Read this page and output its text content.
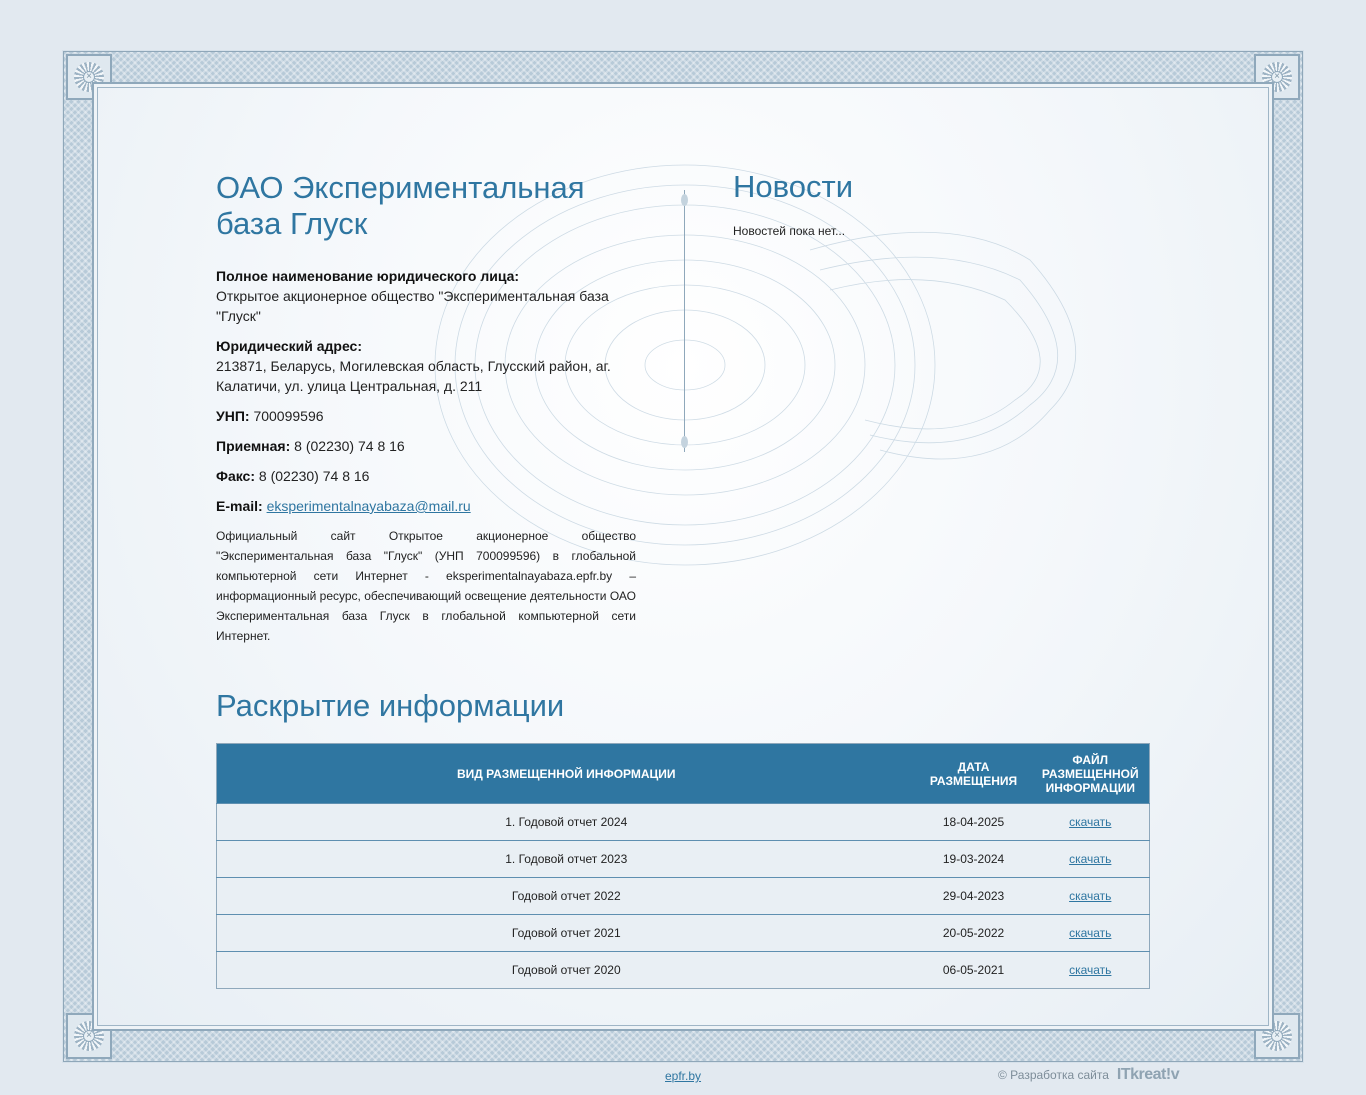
×	×
×	×
ОАО Экспериментальная база Глуск
Полное наименование юридического лица:
Открытое акционерное общество "Экспериментальная база "Глуск"
Юридический адрес:
213871, Беларусь, Могилевская область, Глусский район, аг. Калатичи, ул. улица Центральная, д. 211
УНП: 700099596
Приемная: 8 (02230) 74 8 16
Факс: 8 (02230) 74 8 16
E-mail: eksperimentalnayabaza@mail.ru

Официальный сайт Открытое акционерное общество "Экспериментальная база "Глуск" (УНП 700099596) в глобальной компьютерной сети Интернет - eksperimentalnayabaza.epfr.by – информационный ресурс, обеспечивающий освещение деятельности ОАО Экспериментальная база Глуск в глобальной компьютерной сети Интернет.

Новости

Новостей пока нет...

Раскрытие информации
ВИД РАЗМЕЩЕННОЙ ИНФОРМАЦИИ	ДАТА РАЗМЕЩЕНИЯ	ФАЙЛ РАЗМЕЩЕННОЙ ИНФОРМАЦИИ
1. Годовой отчет 2024	18-04-2025	скачать
1. Годовой отчет 2023	19-03-2024	скачать
Годовой отчет 2022	29-04-2023	скачать
Годовой отчет 2021	20-05-2022	скачать
Годовой отчет 2020	06-05-2021	скачать
epfr.by	© Разработка сайта ITkreat!v
